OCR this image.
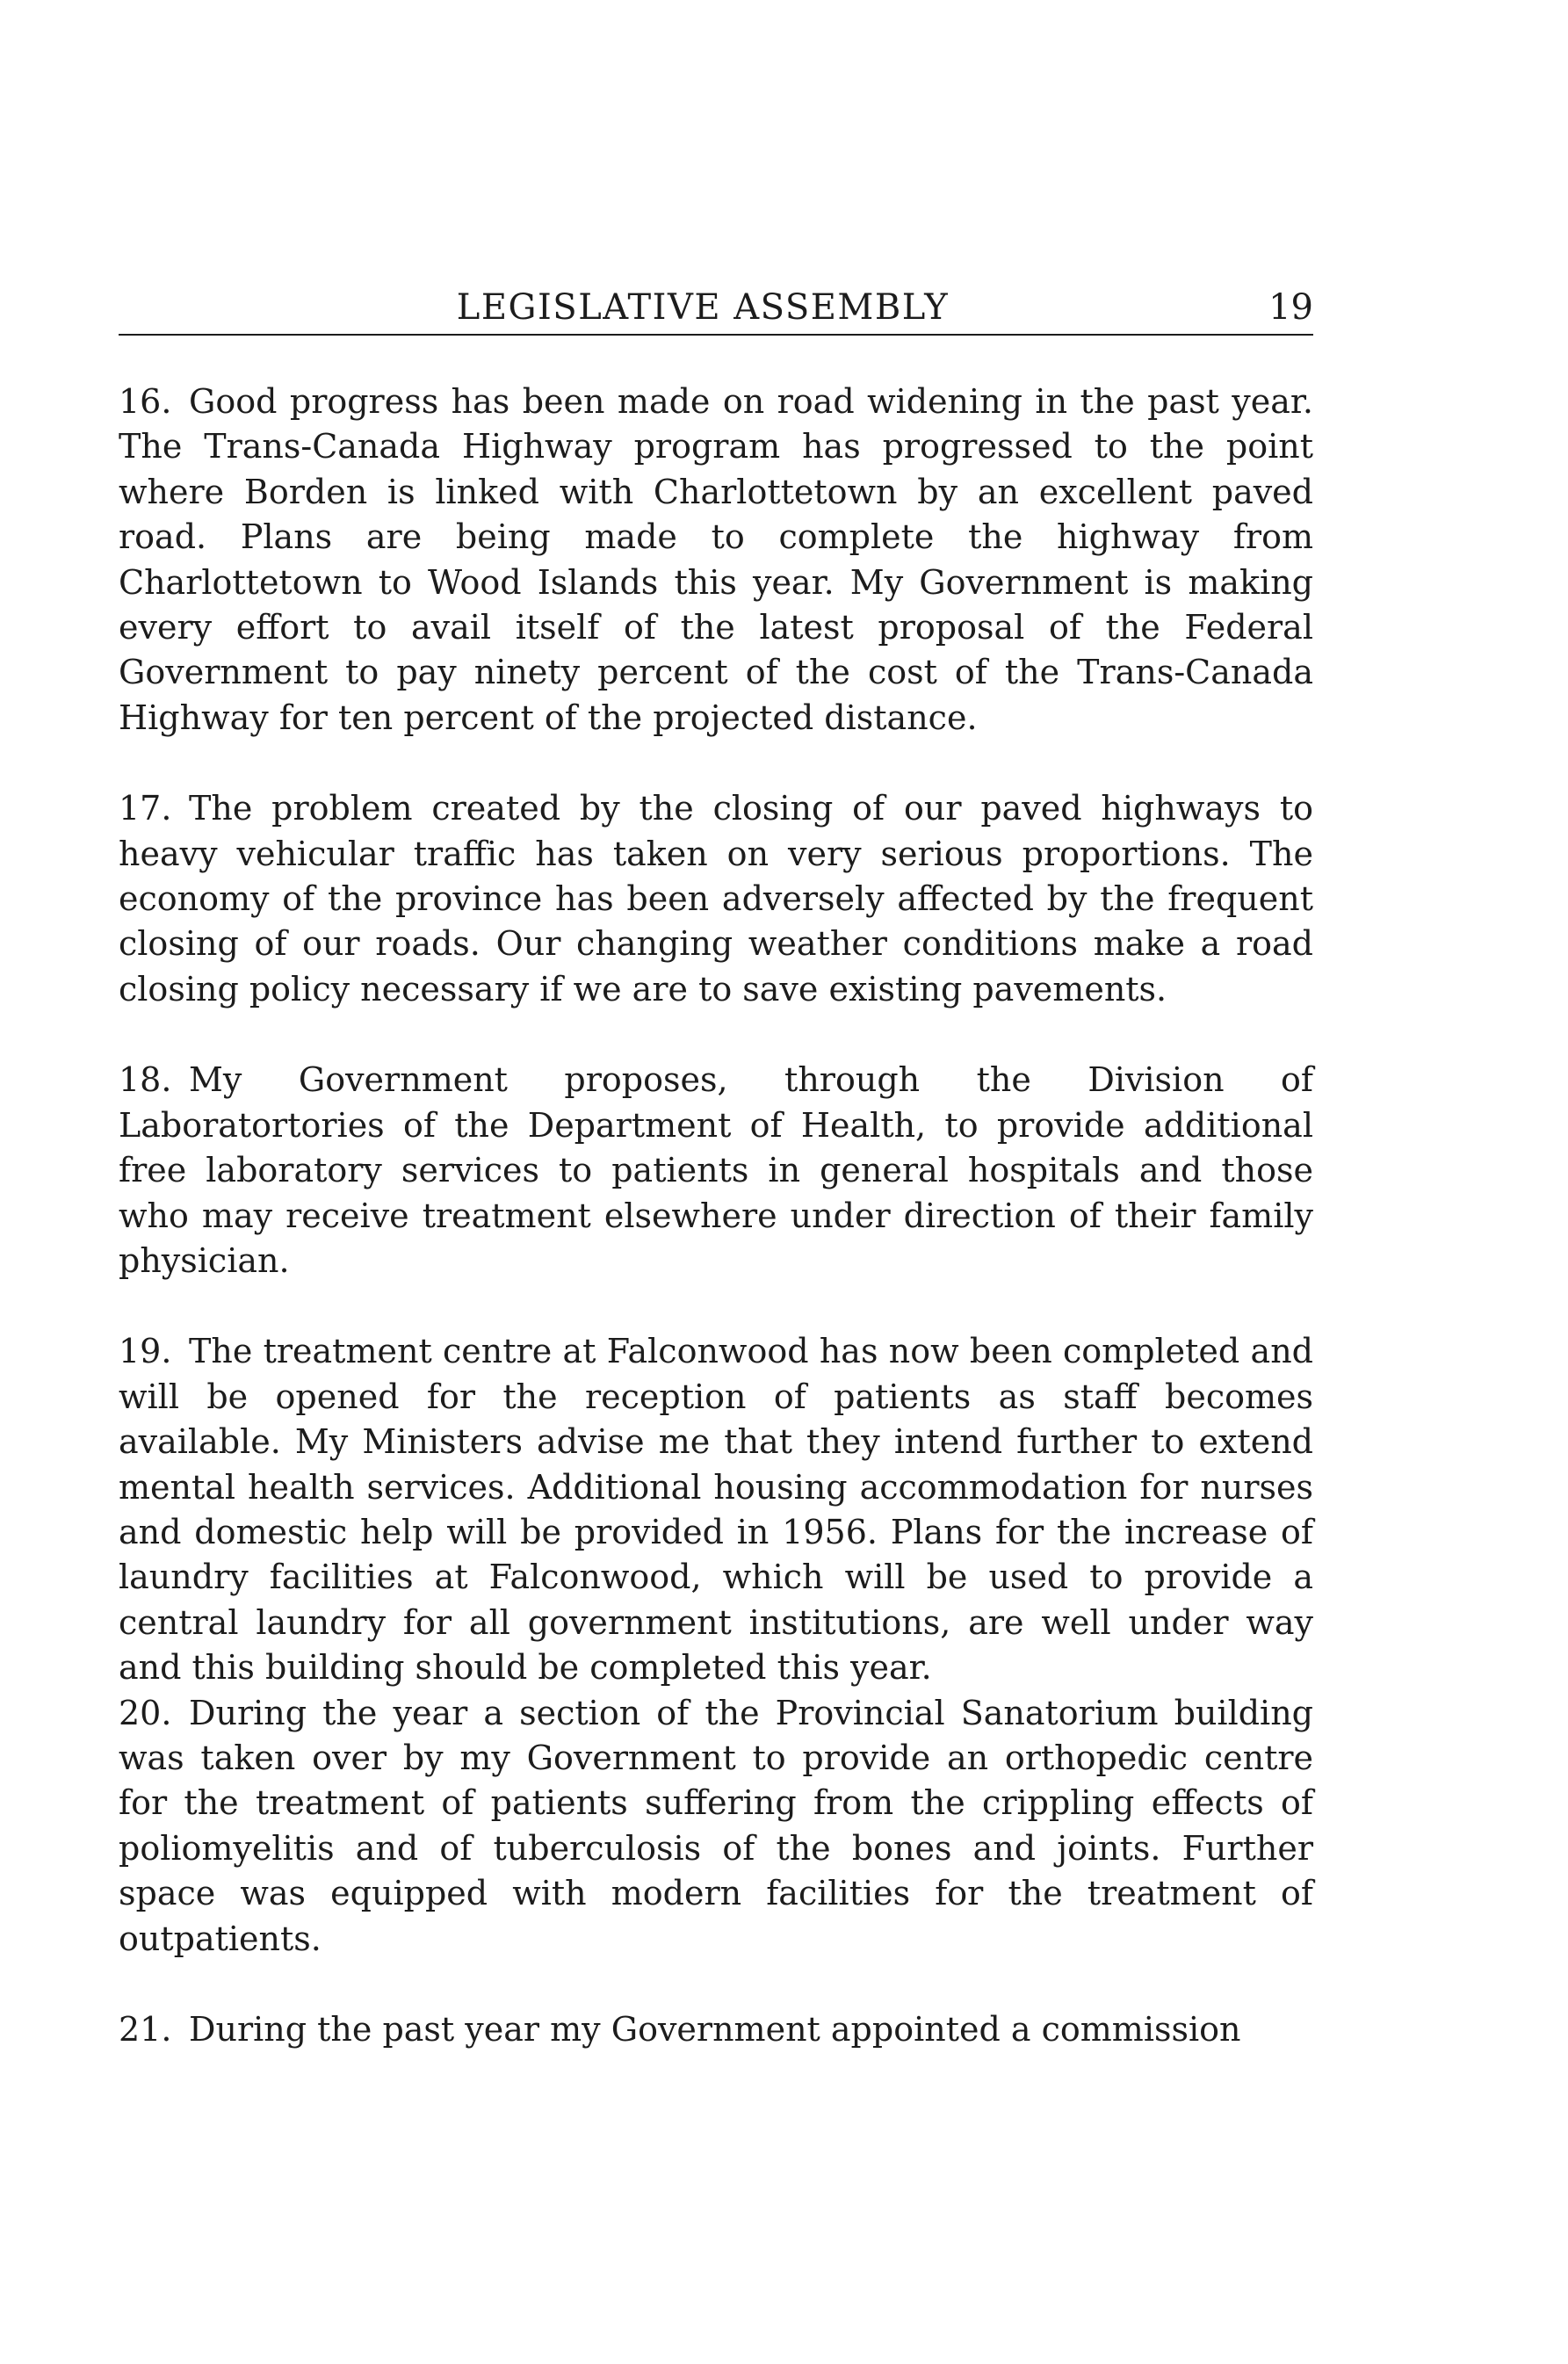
LEGISLATIVE ASSEMBLY	19

16. Good progress has been made on road widening in the past year. The Trans-Canada Highway program has progressed to the point where Borden is linked with Charlottetown by an excellent paved road. Plans are being made to complete the highway from Charlottetown to Wood Islands this year. My Government is making every effort to avail itself of the latest proposal of the Federal Government to pay ninety percent of the cost of the Trans-Canada Highway for ten percent of the projected distance.

17. The problem created by the closing of our paved highways to heavy vehicular traffic has taken on very serious proportions. The economy of the province has been adversely affected by the frequent closing of our roads. Our changing weather conditions make a road closing policy necessary if we are to save existing pavements.

18. My Government proposes, through the Division of Laboratortories of the Department of Health, to provide additional free laboratory services to patients in general hospitals and those who may receive treatment elsewhere under direction of their family physician.

19. The treatment centre at Falconwood has now been completed and will be opened for the reception of patients as staff becomes available. My Ministers advise me that they intend further to extend mental health services. Additional housing accommodation for nurses and domestic help will be provided in 1956. Plans for the increase of laundry facilities at Falconwood, which will be used to provide a central laundry for all government institutions, are well under way and this building should be completed this year.

20. During the year a section of the Provincial Sanatorium building was taken over by my Government to provide an orthopedic centre for the treatment of patients suffering from the crippling effects of poliomyelitis and of tuberculosis of the bones and joints. Further space was equipped with modern facilities for the treatment of outpatients.

21. During the past year my Government appointed a commission
